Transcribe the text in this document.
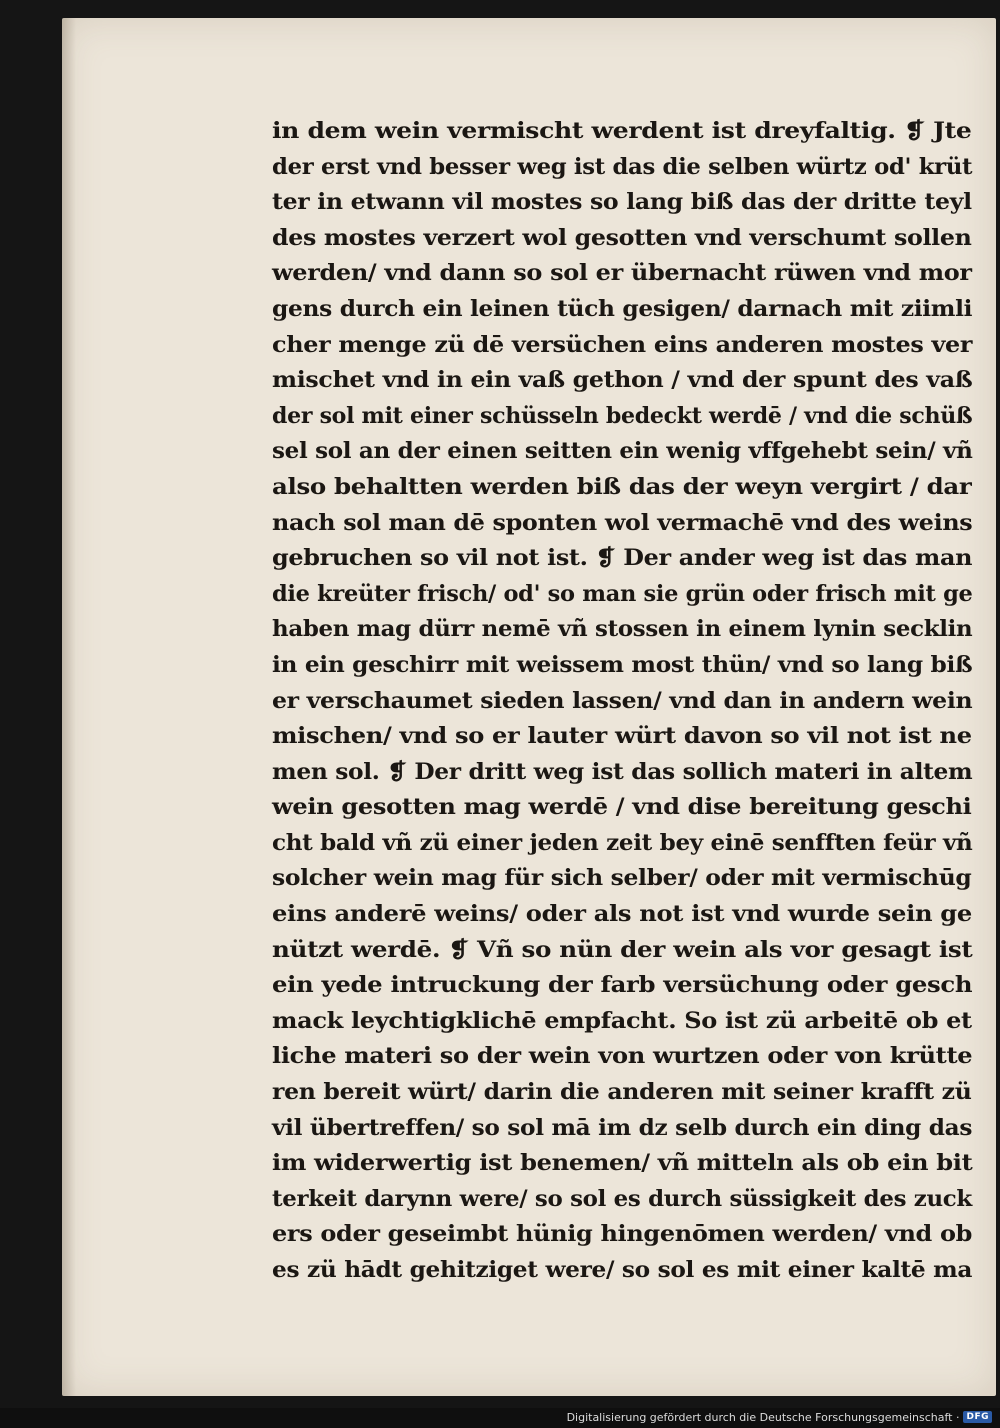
in dem wein vermischt werdent ist dreyfaltig. ❡ Jte
der erst vnd besser weg ist das die selben würtz od' krüt
ter in etwann vil mostes so lang biß das der dritte teyl
des mostes verzert wol gesotten vnd verschumt sollen
werden/ vnd dann so sol er übernacht rüwen vnd mor
gens durch ein leinen tüch gesigen/ darnach mit ziimli
cher menge zü dē versüchen eins anderen mostes ver
mischet vnd in ein vaß gethon / vnd der spunt des vaß
der sol mit einer schüsseln bedeckt werdē / vnd die schüß
sel sol an der einen seitten ein wenig vffgehebt sein/ vñ
also behaltten werden biß das der weyn vergirt / dar
nach sol man dē sponten wol vermachē vnd des weins
gebruchen so vil not ist. ❡ Der ander weg ist das man
die kreüter frisch/ od' so man sie grün oder frisch mit ge
haben mag dürr nemē vñ stossen in einem lynin secklin
in ein geschirr mit weissem most thün/ vnd so lang biß
er verschaumet sieden lassen/ vnd dan in andern wein
mischen/ vnd so er lauter würt davon so vil not ist ne
men sol. ❡ Der dritt weg ist das sollich materi in altem
wein gesotten mag werdē / vnd dise bereitung geschi
cht bald vñ zü einer jeden zeit bey einē senfften feür vñ
solcher wein mag für sich selber/ oder mit vermischūg
eins anderē weins/ oder als not ist vnd wurde sein ge
nützt werdē. ❡ Vñ so nün der wein als vor gesagt ist
ein yede intruckung der farb versüchung oder gesch
mack leychtigklichē empfacht. So ist zü arbeitē ob et
liche materi so der wein von wurtzen oder von krütte
ren bereit würt/ darin die anderen mit seiner krafft zü
vil übertreffen/ so sol mā im dz selb durch ein ding das
im widerwertig ist benemen/ vñ mitteln als ob ein bit
terkeit darynn were/ so sol es durch süssigkeit des zuck
ers oder geseimbt hünig hingenōmen werden/ vnd ob
es zü hādt gehitziget were/ so sol es mit einer kaltē ma
Digitalisierung gefördert durch die Deutsche Forschungsgemeinschaft · DFG
